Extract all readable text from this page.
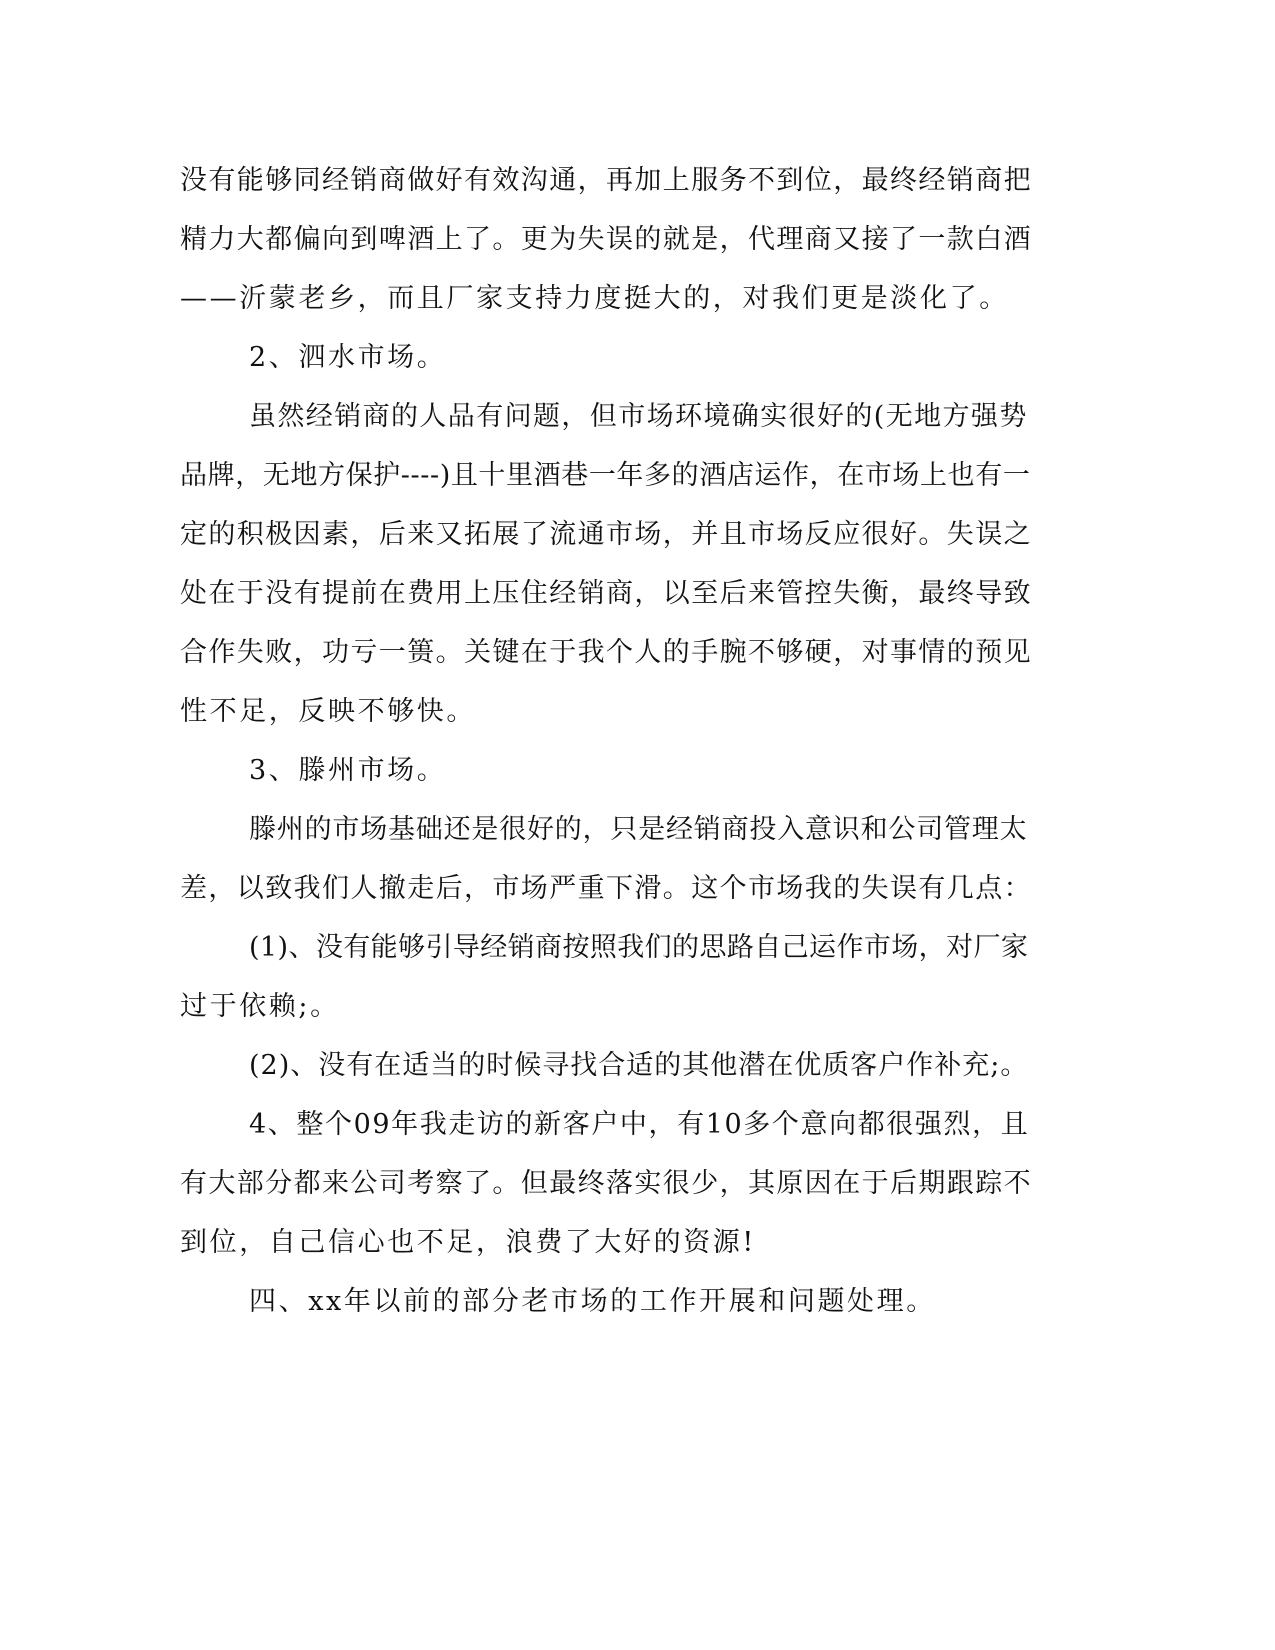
没有能够同经销商做好有效沟通，再加上服务不到位，最终经销商把
精力大都偏向到啤酒上了。更为失误的就是，代理商又接了一款白酒
——沂蒙老乡，而且厂家支持力度挺大的，对我们更是淡化了。
2、泗水市场。
虽然经销商的人品有问题，但市场环境确实很好的(无地方强势
品牌，无地方保护----)且十里酒巷一年多的酒店运作，在市场上也有一
定的积极因素，后来又拓展了流通市场，并且市场反应很好。失误之
处在于没有提前在费用上压住经销商，以至后来管控失衡，最终导致
合作失败，功亏一篑。关键在于我个人的手腕不够硬，对事情的预见
性不足，反映不够快。
3、滕州市场。
滕州的市场基础还是很好的，只是经销商投入意识和公司管理太
差，以致我们人撤走后，市场严重下滑。这个市场我的失误有几点：
(1)、没有能够引导经销商按照我们的思路自己运作市场，对厂家
过于依赖;。
(2)、没有在适当的时候寻找合适的其他潜在优质客户作补充;。
4、整个09年我走访的新客户中，有10多个意向都很强烈，且
有大部分都来公司考察了。但最终落实很少，其原因在于后期跟踪不
到位，自己信心也不足，浪费了大好的资源!
四、xx年以前的部分老市场的工作开展和问题处理。
